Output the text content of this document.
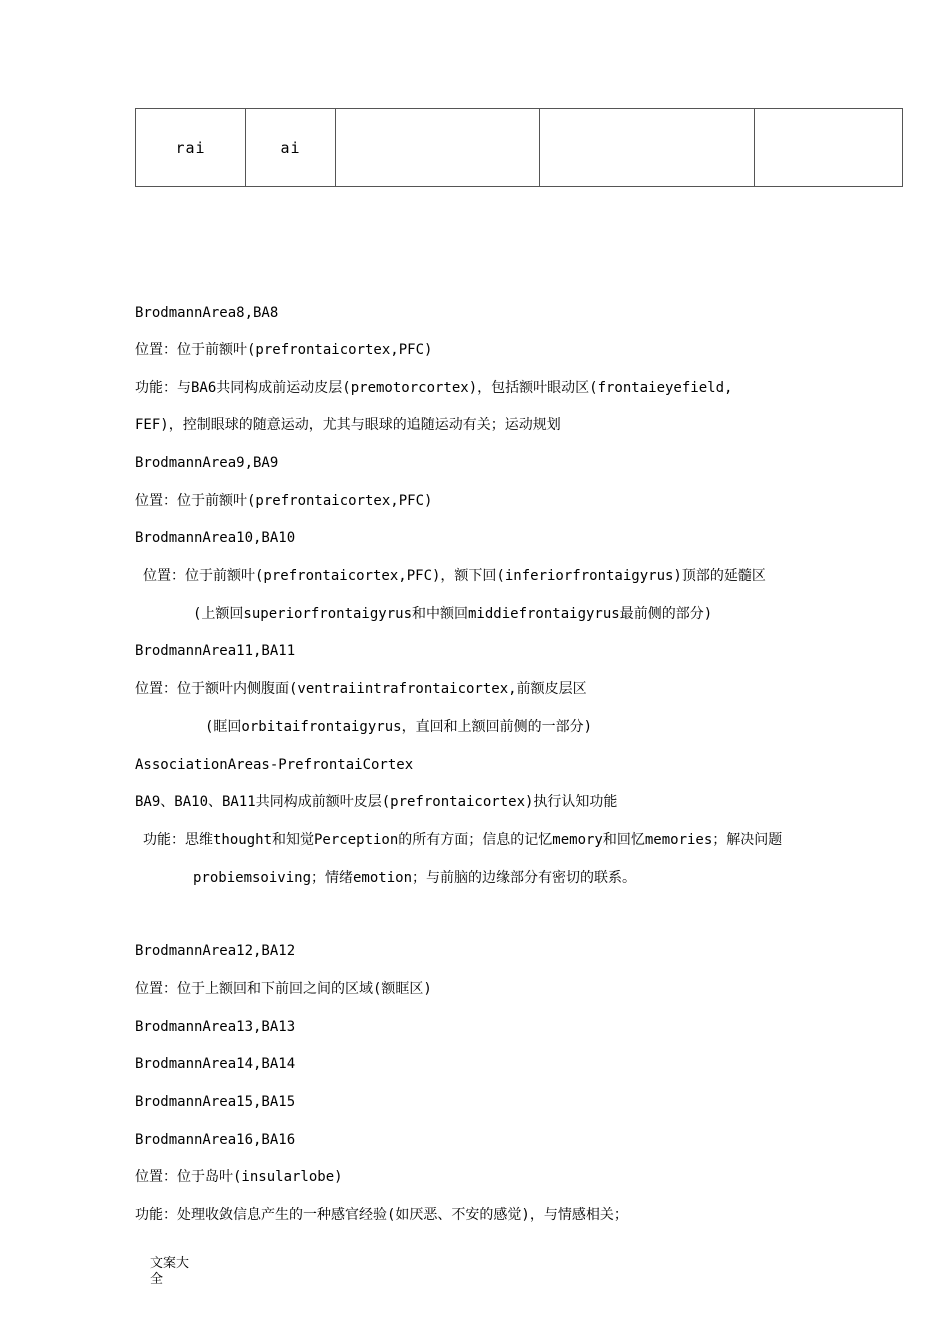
rai	ai			
BrodmannArea8,BA8
位置：位于前额叶(prefrontaicortex,PFC)
功能：与BA6共同构成前运动皮层(premotorcortex)，包括额叶眼动区(frontaieyefield,
FEF)，控制眼球的随意运动，尤其与眼球的追随运动有关；运动规划
BrodmannArea9,BA9
位置：位于前额叶(prefrontaicortex,PFC)
BrodmannArea10,BA10
位置：位于前额叶(prefrontaicortex,PFC)，额下回(inferiorfrontaigyrus)顶部的延髓区
(上额回superiorfrontaigyrus和中额回middiefrontaigyrus最前侧的部分)
BrodmannArea11,BA11
位置：位于额叶内侧腹面(ventraiintrafrontaicortex,前额皮层区
(眶回orbitaifrontaigyrus，直回和上额回前侧的一部分)
AssociationAreas-PrefrontaiCortex
BA9、BA10、BA11共同构成前额叶皮层(prefrontaicortex)执行认知功能
功能：思维thought和知觉Perception的所有方面；信息的记忆memory和回忆memories；解决问题
probiemsoiving；情绪emotion；与前脑的边缘部分有密切的联系。
BrodmannArea12,BA12
位置：位于上额回和下前回之间的区域(额眶区)
BrodmannArea13,BA13
BrodmannArea14,BA14
BrodmannArea15,BA15
BrodmannArea16,BA16
位置：位于岛叶(insularlobe)
功能：处理收敛信息产生的一种感官经验(如厌恶、不安的感觉)，与情感相关；
文案大全
